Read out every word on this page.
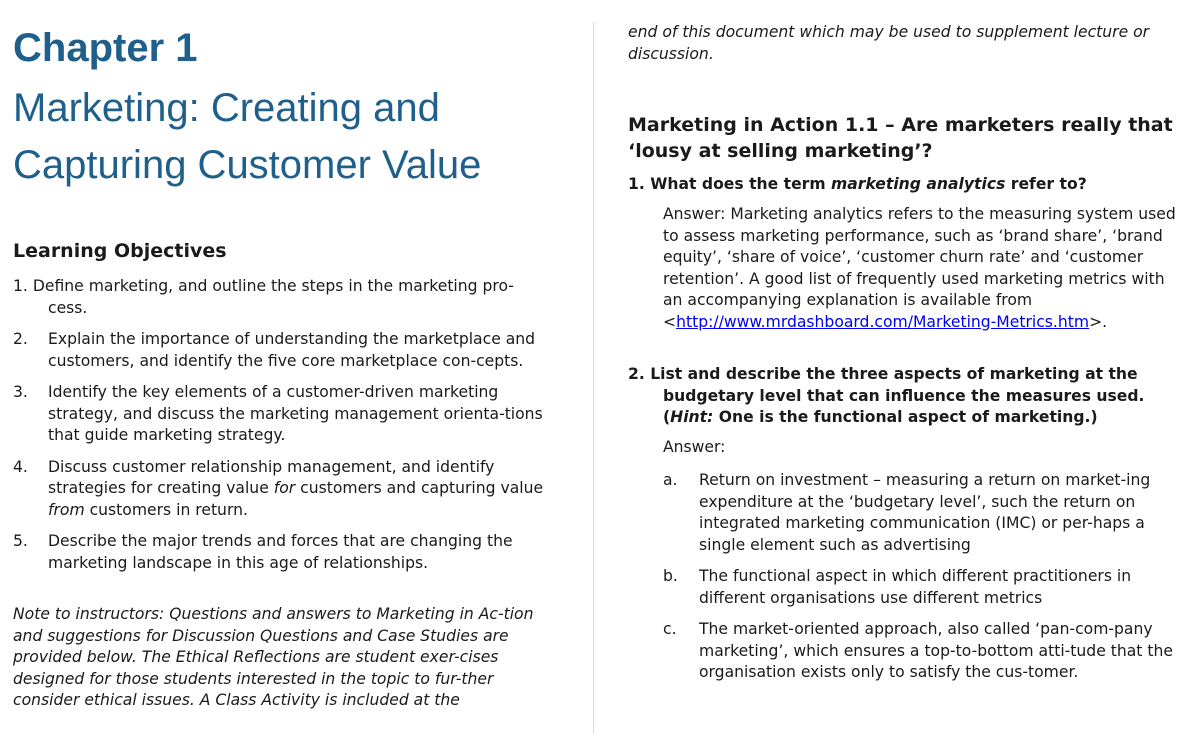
Chapter 1
Marketing: Creating and Capturing Customer Value
Learning Objectives
1. Define marketing, and outline the steps in the marketing pro-
cess.
2. Explain the importance of understanding the marketplace and customers, and identify the five core marketplace con-cepts.
3. Identify the key elements of a customer-driven marketing strategy, and discuss the marketing management orienta-tions that guide marketing strategy.
4. Discuss customer relationship management, and identify strategies for creating value for customers and capturing value from customers in return.
5. Describe the major trends and forces that are changing the marketing landscape in this age of relationships.
Note to instructors: Questions and answers to Marketing in Ac-tion and suggestions for Discussion Questions and Case Studies are provided below. The Ethical Reflections are student exer-cises designed for those students interested in the topic to fur-ther consider ethical issues. A Class Activity is included at the
end of this document which may be used to supplement lecture or discussion.
Marketing in Action 1.1 – Are marketers really that ‘lousy at selling marketing’?
1. What does the term marketing analytics refer to?
Answer: Marketing analytics refers to the measuring system used to assess marketing performance, such as ‘brand share’, ‘brand equity’, ‘share of voice’, ‘customer churn rate’ and ‘customer retention’. A good list of frequently used marketing metrics with an accompanying explanation is available from <http://www.mrdashboard.com/Marketing-Metrics.htm>.
2. List and describe the three aspects of marketing at the
budgetary level that can influence the measures used. (Hint: One is the functional aspect of marketing.)
Answer:
a.	Return on investment – measuring a return on market-ing expenditure at the ‘budgetary level’, such the return on integrated marketing communication (IMC) or per-haps a single element such as advertising
b.	The functional aspect in which different practitioners in different organisations use different metrics
c.	The market-oriented approach, also called ‘pan-com-pany marketing’, which ensures a top-to-bottom atti-tude that the organisation exists only to satisfy the cus-tomer.
